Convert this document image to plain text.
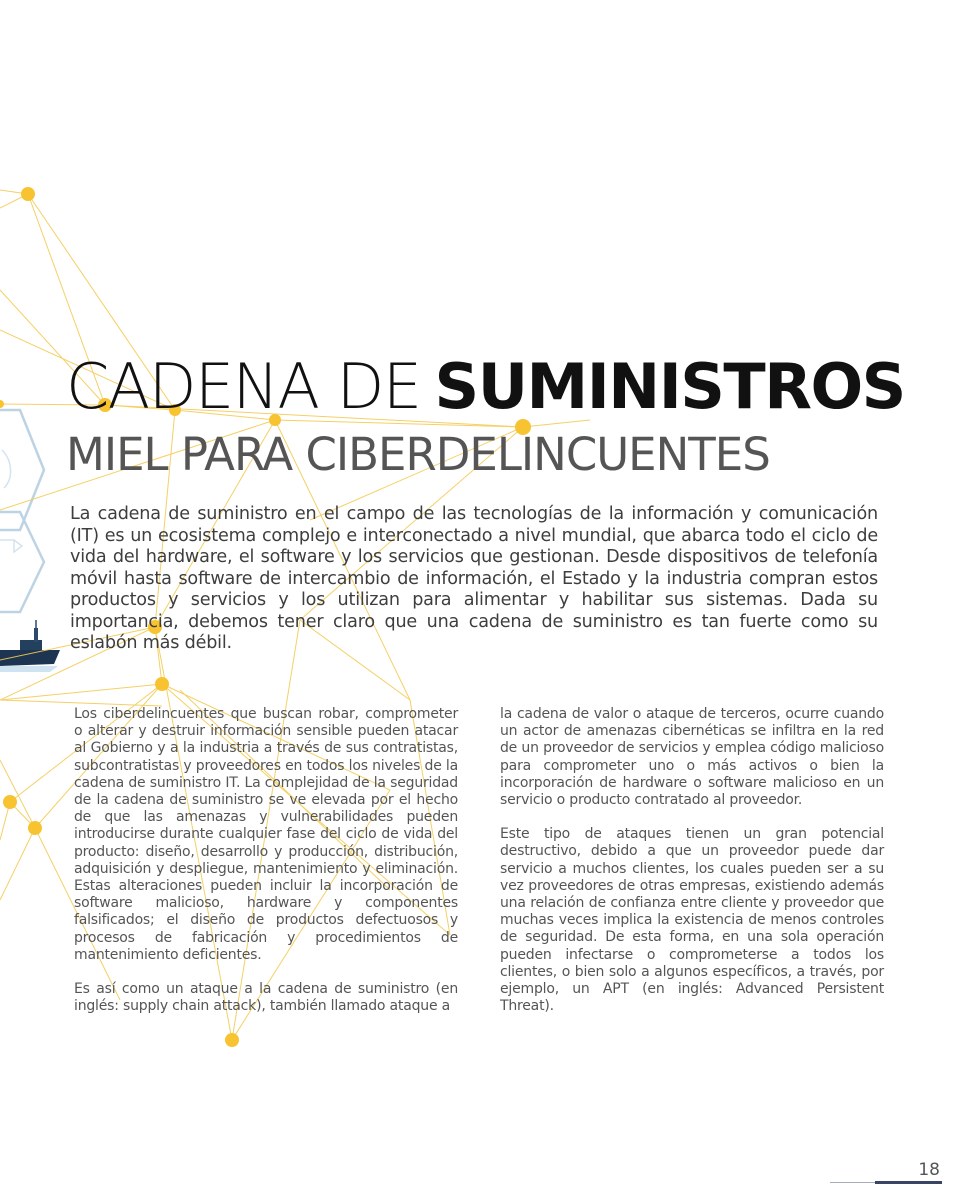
CADENA DE SUMINISTROS
MIEL PARA CIBERDELINCUENTES

La cadena de suministro en el campo de las tecnologías de la información y comunicación (IT) es un ecosistema complejo e interconectado a nivel mundial, que abarca todo el ciclo de vida del hardware, el software y los servicios que gestionan. Desde dispositivos de telefonía móvil hasta software de intercambio de información, el Estado y la industria compran estos productos y servicios y los utilizan para alimentar y habilitar sus sistemas. Dada su importancia, debemos tener claro que una cadena de suministro es tan fuerte como su eslabón más débil.

Los ciberdelincuentes que buscan robar, comprometer o alterar y destruir información sensible pueden atacar al Gobierno y a la industria a través de sus contratistas, subcontratistas y proveedores en todos los niveles de la cadena de suministro IT. La complejidad de la seguridad de la cadena de suministro se ve elevada por el hecho de que las amenazas y vulnerabilidades pueden introducirse durante cualquier fase del ciclo de vida del producto: diseño, desarrollo y producción, distribución, adquisición y despliegue, mantenimiento y eliminación. Estas alteraciones pueden incluir la incorporación de software malicioso, hardware y componentes falsificados; el diseño de productos defectuosos y procesos de fabricación y procedimientos de mantenimiento deficientes.

Es así como un ataque a la cadena de suministro (en inglés: supply chain attack), también llamado ataque a

la cadena de valor o ataque de terceros, ocurre cuando un actor de amenazas cibernéticas se infiltra en la red de un proveedor de servicios y emplea código malicioso para comprometer uno o más activos o bien la incorporación de hardware o software malicioso en un servicio o producto contratado al proveedor.

Este tipo de ataques tienen un gran potencial destructivo, debido a que un proveedor puede dar servicio a muchos clientes, los cuales pueden ser a su vez proveedores de otras empresas, existiendo además una relación de confianza entre cliente y proveedor que muchas veces implica la existencia de menos controles de seguridad. De esta forma, en una sola operación pueden infectarse o comprometerse a todos los clientes, o bien solo a algunos específicos, a través, por ejemplo, un APT (en inglés: Advanced Persistent Threat).

18
